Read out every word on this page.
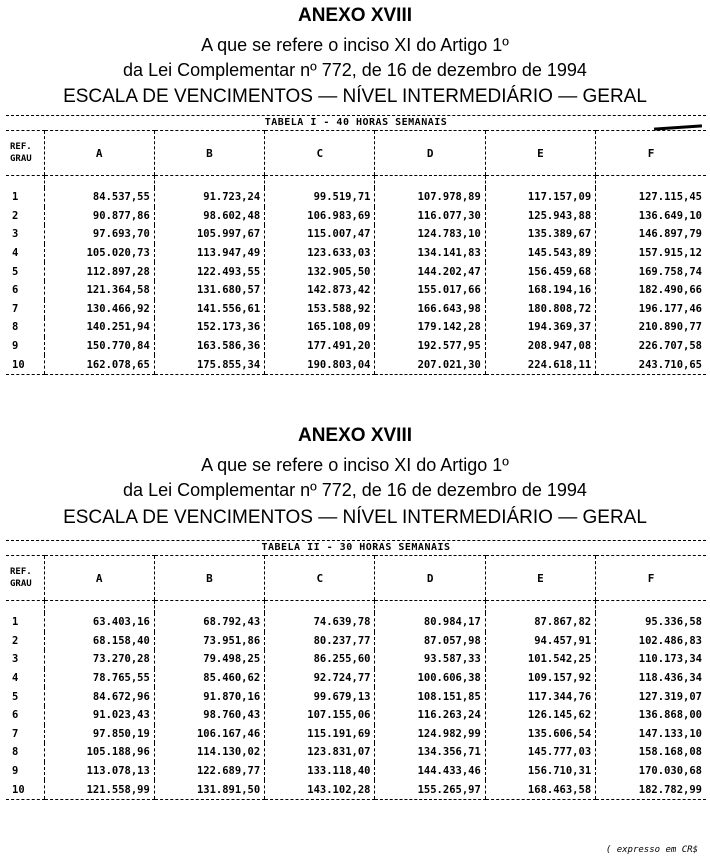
ANEXO XVIII
A que se refere o inciso XI do Artigo 1º
da Lei Complementar nº 772, de 16 de dezembro de 1994
ESCALA DE VENCIMENTOS — NÍVEL INTERMEDIÁRIO — GERAL
TABELA I - 40 HORAS SEMANAIS
REF.
GRAU	A	B	C	D	E	F

1	84.537,55	91.723,24	99.519,71	107.978,89	117.157,09	127.115,45
2	90.877,86	98.602,48	106.983,69	116.077,30	125.943,88	136.649,10
3	97.693,70	105.997,67	115.007,47	124.783,10	135.389,67	146.897,79
4	105.020,73	113.947,49	123.633,03	134.141,83	145.543,89	157.915,12
5	112.897,28	122.493,55	132.905,50	144.202,47	156.459,68	169.758,74
6	121.364,58	131.680,57	142.873,42	155.017,66	168.194,16	182.490,66
7	130.466,92	141.556,61	153.588,92	166.643,98	180.808,72	196.177,46
8	140.251,94	152.173,36	165.108,09	179.142,28	194.369,37	210.890,77
9	150.770,84	163.586,36	177.491,20	192.577,95	208.947,08	226.707,58
10	162.078,65	175.855,34	190.803,04	207.021,30	224.618,11	243.710,65
ANEXO XVIII
A que se refere o inciso XI do Artigo 1º
da Lei Complementar nº 772, de 16 de dezembro de 1994
ESCALA DE VENCIMENTOS — NÍVEL INTERMEDIÁRIO — GERAL
TABELA II - 30 HORAS SEMANAIS
REF.
GRAU	A	B	C	D	E	F

1	63.403,16	68.792,43	74.639,78	80.984,17	87.867,82	95.336,58
2	68.158,40	73.951,86	80.237,77	87.057,98	94.457,91	102.486,83
3	73.270,28	79.498,25	86.255,60	93.587,33	101.542,25	110.173,34
4	78.765,55	85.460,62	92.724,77	100.606,38	109.157,92	118.436,34
5	84.672,96	91.870,16	99.679,13	108.151,85	117.344,76	127.319,07
6	91.023,43	98.760,43	107.155,06	116.263,24	126.145,62	136.868,00
7	97.850,19	106.167,46	115.191,69	124.982,99	135.606,54	147.133,10
8	105.188,96	114.130,02	123.831,07	134.356,71	145.777,03	158.168,08
9	113.078,13	122.689,77	133.118,40	144.433,46	156.710,31	170.030,68
10	121.558,99	131.891,50	143.102,28	155.265,97	168.463,58	182.782,99
( expresso em CR$
